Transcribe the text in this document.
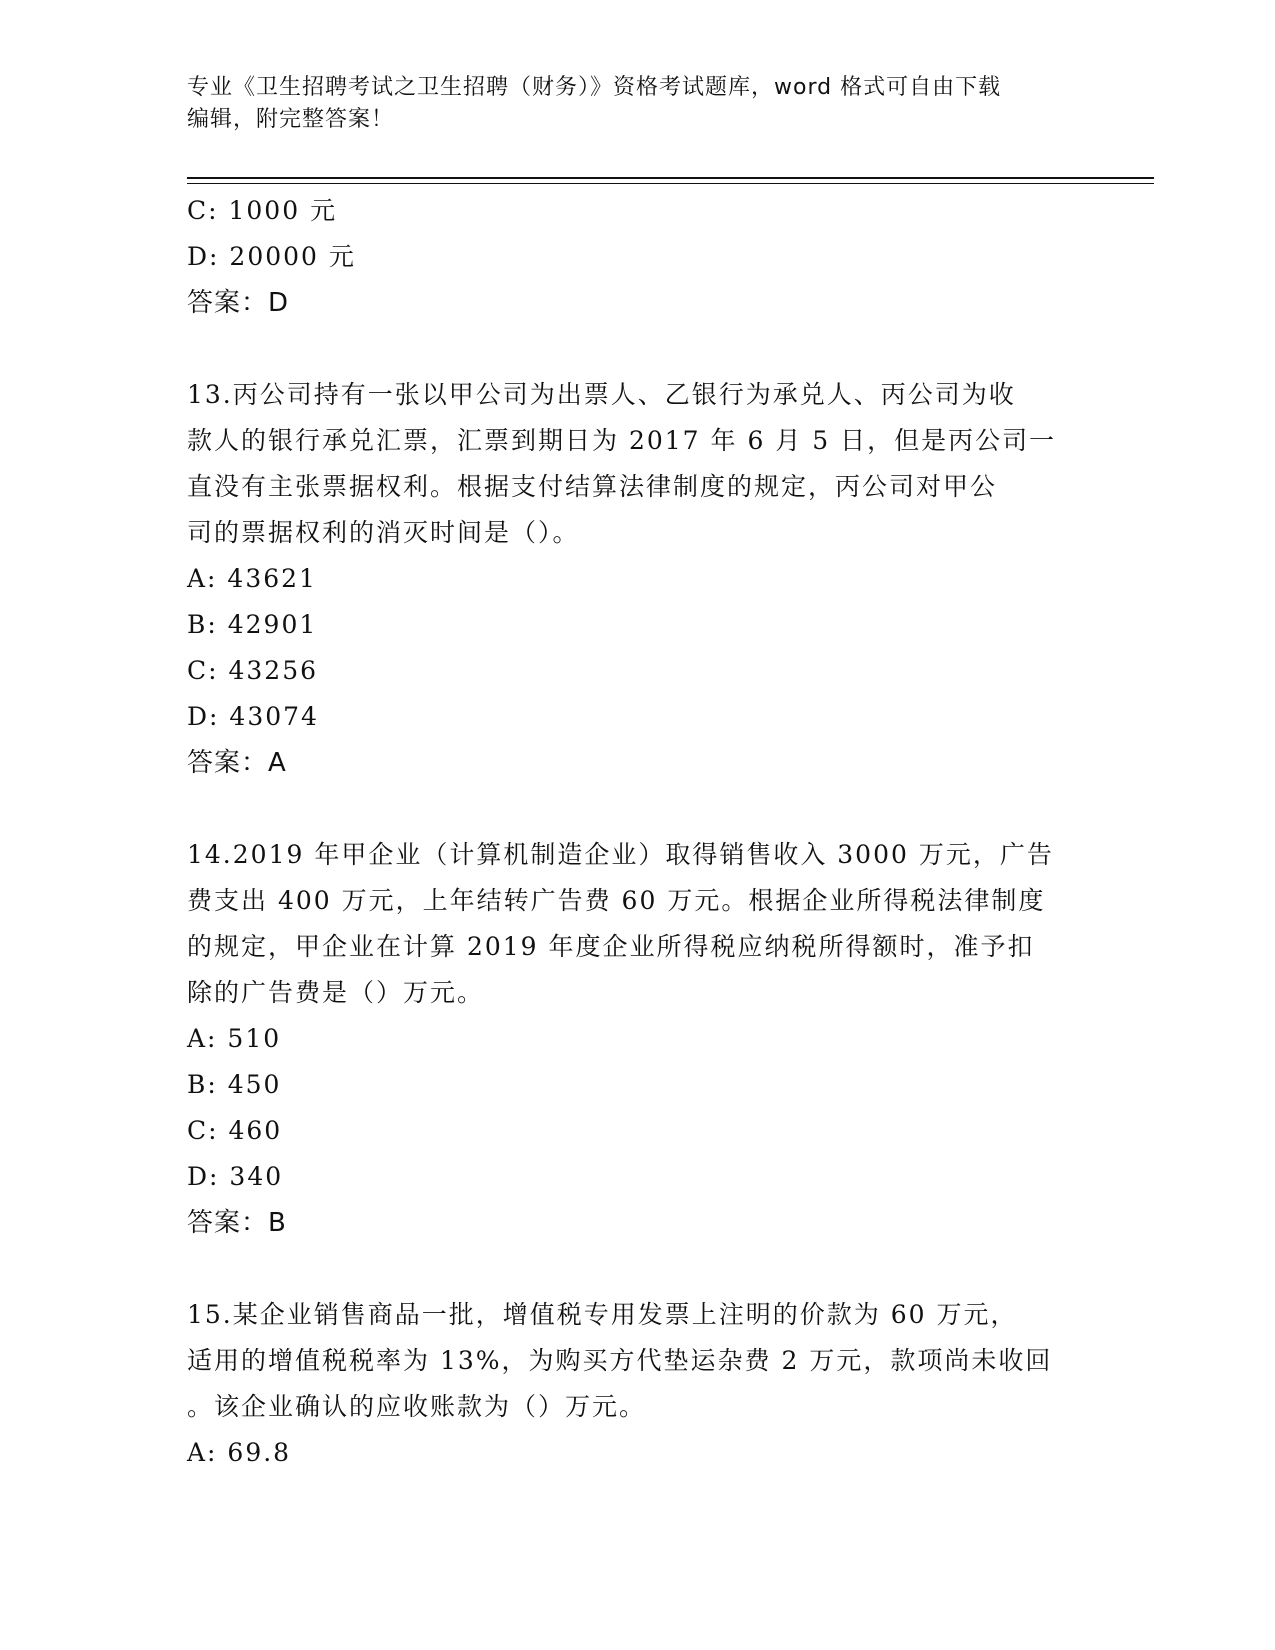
专业《卫生招聘考试之卫生招聘（财务）》资格考试题库，word 格式可自由下载
编辑，附完整答案！
C: 1000 元
D: 20000 元
答案：D
13.丙公司持有一张以甲公司为出票人、乙银行为承兑人、丙公司为收
款人的银行承兑汇票，汇票到期日为 2017 年 6 月 5 日，但是丙公司一
直没有主张票据权利。根据支付结算法律制度的规定，丙公司对甲公
司的票据权利的消灭时间是（）。
A: 43621
B: 42901
C: 43256
D: 43074
答案：A
14.2019 年甲企业（计算机制造企业）取得销售收入 3000 万元，广告
费支出 400 万元，上年结转广告费 60 万元。根据企业所得税法律制度
的规定，甲企业在计算 2019 年度企业所得税应纳税所得额时，准予扣
除的广告费是（）万元。
A: 510
B: 450
C: 460
D: 340
答案：B
15.某企业销售商品一批，增值税专用发票上注明的价款为 60 万元，
适用的增值税税率为 13%，为购买方代垫运杂费 2 万元，款项尚未收回
。该企业确认的应收账款为（）万元。
A: 69.8
